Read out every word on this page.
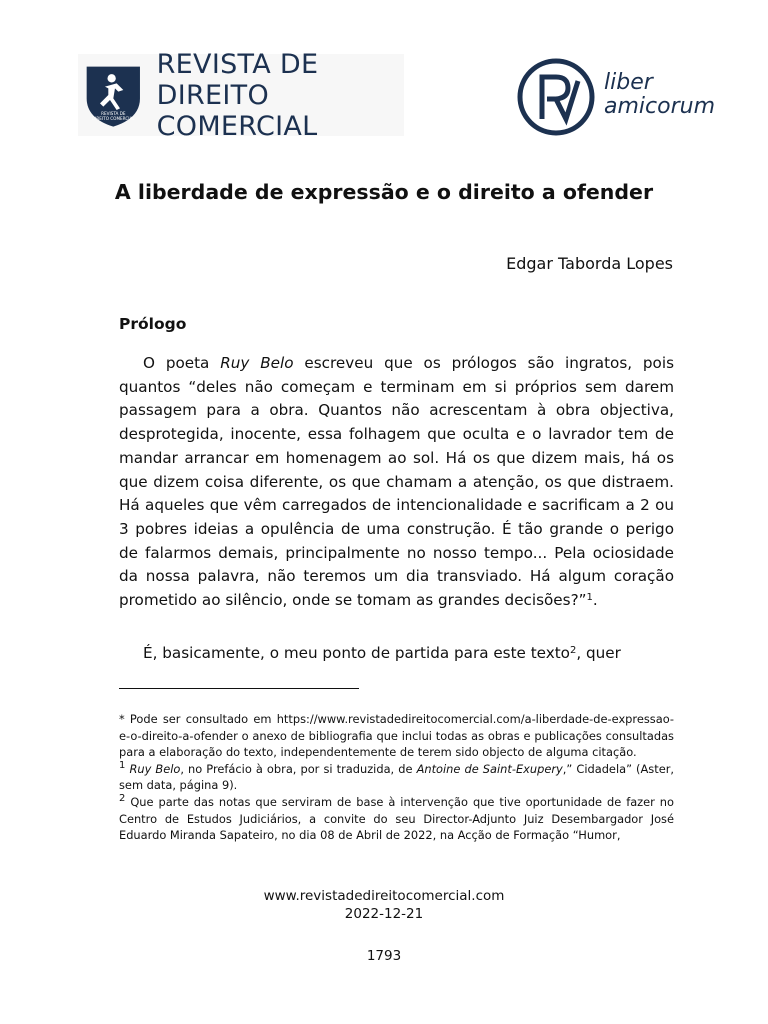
REVISTA DE
DIREITO COMERCIAL
REVISTA DE
DIREITO COMERCIAL
liber
amicorum
A liberdade de expressão e o direito a ofender
Edgar Taborda Lopes
Prólogo

O poeta Ruy Belo escreveu que os prólogos são ingratos, pois quantos “deles não começam e terminam em si próprios sem darem passagem para a obra. Quantos não acrescentam à obra objectiva, desprotegida, inocente, essa folhagem que oculta e o lavrador tem de mandar arrancar em homenagem ao sol. Há os que dizem mais, há os que dizem coisa diferente, os que chamam a atenção, os que distraem. Há aqueles que vêm carregados de intencionalidade e sacrificam a 2 ou 3 pobres ideias a opulência de uma construção. É tão grande o perigo de falarmos demais, principalmente no nosso tempo... Pela ociosidade da nossa palavra, não teremos um dia transviado. Há algum coração prometido ao silêncio, onde se tomam as grandes decisões?”$^1$.

É, basicamente, o meu ponto de partida para este texto$^2$, quer

* Pode ser consultado em https://www.revistadedireitocomercial.com/a-liberdade-de-expressao-e-o-direito-a-ofender o anexo de bibliografia que inclui todas as obras e publicações consultadas para a elaboração do texto, independentemente de terem sido objecto de alguma citação.

$^1$ Ruy Belo, no Prefácio à obra, por si traduzida, de Antoine de Saint-Exupery,” Cidadela” (Aster, sem data, página 9).

$^2$ Que parte das notas que serviram de base à intervenção que tive oportunidade de fazer no Centro de Estudos Judiciários, a convite do seu Director-Adjunto Juiz Desembargador José Eduardo Miranda Sapateiro, no dia 08 de Abril de 2022, na Acção de Formação “Humor,

www.revistadedireitocomercial.com
2022-12-21
1793
